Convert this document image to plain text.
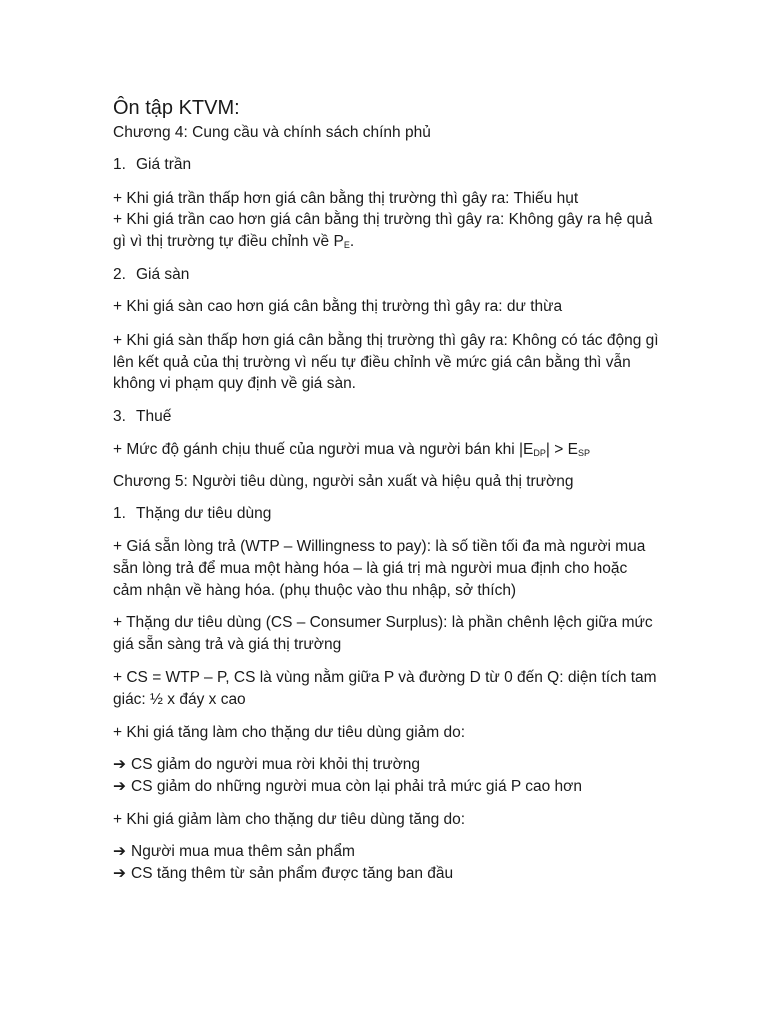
Ôn tập KTVM:
Chương 4: Cung cầu và chính sách chính phủ
1. Giá trần
+ Khi giá trần thấp hơn giá cân bằng thị trường thì gây ra: Thiếu hụt
+ Khi giá trần cao hơn giá cân bằng thị trường thì gây ra: Không gây ra hệ quả
gì vì thị trường tự điều chỉnh về $P_E$.
2. Giá sàn
+ Khi giá sàn cao hơn giá cân bằng thị trường thì gây ra: dư thừa
+ Khi giá sàn thấp hơn giá cân bằng thị trường thì gây ra: Không có tác động gì
lên kết quả của thị trường vì nếu tự điều chỉnh về mức giá cân bằng thì vẫn
không vi phạm quy định về giá sàn.
3. Thuế
+ Mức độ gánh chịu thuế của người mua và người bán khi $|E_{DP}| > E_{SP}$
Chương 5: Người tiêu dùng, người sản xuất và hiệu quả thị trường
1. Thặng dư tiêu dùng
+ Giá sẵn lòng trả (WTP – Willingness to pay): là số tiền tối đa mà người mua
sẵn lòng trả để mua một hàng hóa – là giá trị mà người mua định cho hoặc
cảm nhận về hàng hóa. (phụ thuộc vào thu nhập, sở thích)
+ Thặng dư tiêu dùng (CS – Consumer Surplus): là phần chênh lệch giữa mức
giá sẵn sàng trả và giá thị trường
+ CS = WTP – P, CS là vùng nằm giữa P và đường D từ 0 đến Q: diện tích tam
giác: ½ x đáy x cao
+ Khi giá tăng làm cho thặng dư tiêu dùng giảm do:
➔ CS giảm do người mua rời khỏi thị trường
➔ CS giảm do những người mua còn lại phải trả mức giá P cao hơn
+ Khi giá giảm làm cho thặng dư tiêu dùng tăng do:
➔ Người mua mua thêm sản phẩm
➔ CS tăng thêm từ sản phẩm được tăng ban đầu
